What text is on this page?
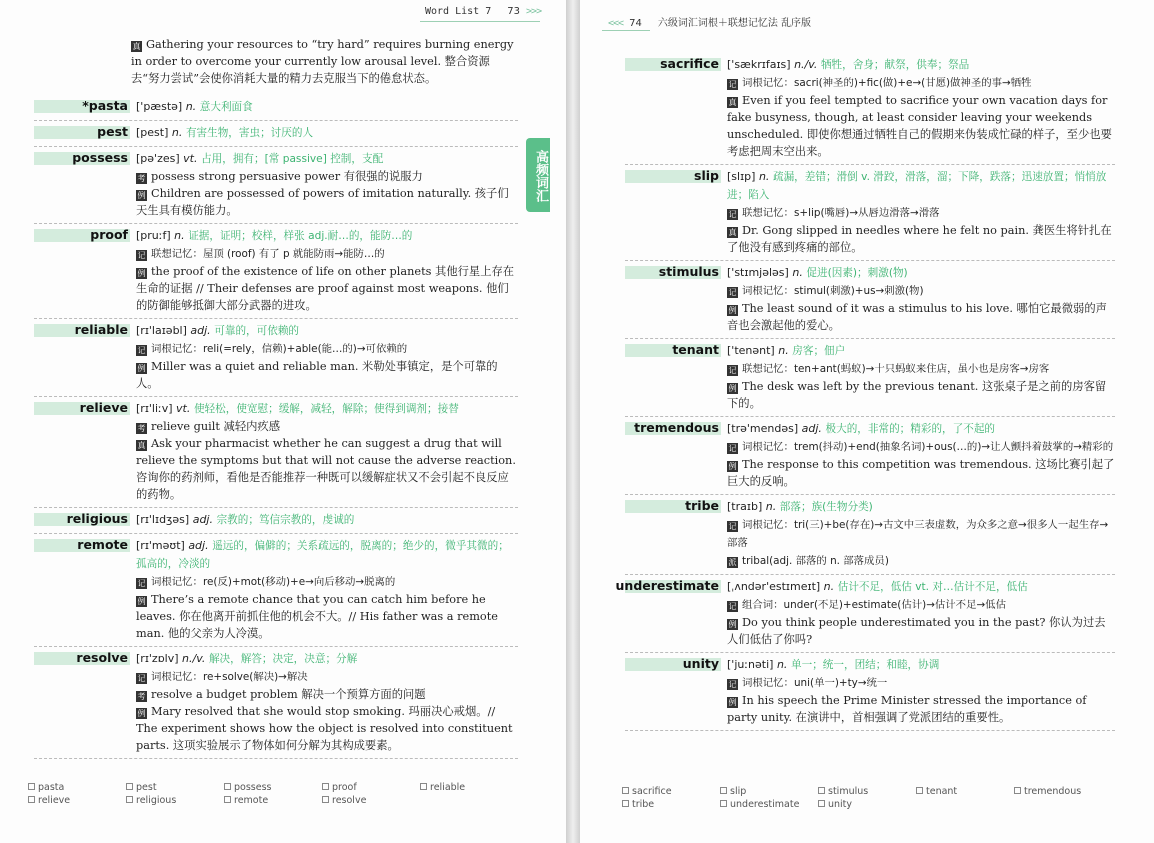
Word List 7 73 >>>
真 Gathering your resources to “try hard” requires burning energy in order to overcome your currently low arousal level. 整合资源去“努力尝试”会使你消耗大量的精力去克服当下的倦怠状态。
*pasta ['pæstə] n. 意大利面食
pest [pest] n. 有害生物，害虫；讨厌的人
possess [pə'zes] vt. 占用，拥有；[常 passive] 控制，支配
考 possess strong persuasive power 有很强的说服力
例 Children are possessed of powers of imitation naturally. 孩子们天生具有模仿能力。
proof [pruːf] n. 证据，证明；校样，样张 adj.耐…的，能防…的
记 联想记忆：屋顶 (roof) 有了 p 就能防雨→能防…的
例 the proof of the existence of life on other planets 其他行星上存在生命的证据 // Their defenses are proof against most weapons. 他们的防御能够抵御大部分武器的进攻。
reliable [rɪ'laɪəbl] adj. 可靠的，可依赖的
记 词根记忆：reli(=rely，信赖)+able(能…的)→可依赖的
例 Miller was a quiet and reliable man. 米勒处事镇定，是个可靠的人。
relieve [rɪ'liːv] vt. 使轻松，使宽慰；缓解，减轻，解除；使得到调剂；接替
考 relieve guilt 减轻内疚感
真 Ask your pharmacist whether he can suggest a drug that will relieve the symptoms but that will not cause the adverse reaction. 咨询你的药剂师，看他是否能推荐一种既可以缓解症状又不会引起不良反应的药物。
religious [rɪ'lɪdʒəs] adj. 宗教的；笃信宗教的，虔诚的
remote [rɪ'məʊt] adj. 遥远的，偏僻的；关系疏远的，脱离的；绝少的，微乎其微的；孤高的，冷淡的
记 词根记忆：re(反)+mot(移动)+e→向后移动→脱离的
例 There’s a remote chance that you can catch him before he leaves. 你在他离开前抓住他的机会不大。// His father was a remote man. 他的父亲为人冷漠。
resolve [rɪ'zɒlv] n./v. 解决，解答；决定，决意；分解
记 词根记忆：re+solve(解决)→解决
考 resolve a budget problem 解决一个预算方面的问题
例 Mary resolved that she would stop smoking. 玛丽决心戒烟。// The experiment shows how the object is resolved into constituent parts. 这项实验展示了物体如何分解为其构成要素。
高频词汇
pasta	pest	possess	proof	reliable
relieve	religious	remote	resolve
<<< 74 六级词汇词根＋联想记忆法 乱序版
sacrifice ['sækrɪfaɪs] n./v. 牺牲，舍身；献祭，供奉；祭品
记 词根记忆：sacri(神圣的)+fic(做)+e→(甘愿)做神圣的事→牺牲
真 Even if you feel tempted to sacrifice your own vacation days for fake busyness, though, at least consider leaving your weekends unscheduled. 即使你想通过牺牲自己的假期来伪装成忙碌的样子，至少也要考虑把周末空出来。
slip [slɪp] n. 疏漏，差错；滑倒 v. 滑跤，滑落，溜；下降，跌落；迅速放置；悄悄放进；陷入
记 联想记忆：s+lip(嘴唇)→从唇边滑落→滑落
真 Dr. Gong slipped in needles where he felt no pain. 龚医生将针扎在了他没有感到疼痛的部位。
stimulus ['stɪmjələs] n. 促进(因素)；刺激(物)
记 词根记忆：stimul(刺激)+us→刺激(物)
例 The least sound of it was a stimulus to his love. 哪怕它最微弱的声音也会激起他的爱心。
tenant ['tenənt] n. 房客；佃户
记 联想记忆：ten+ant(蚂蚁)→十只蚂蚁来住店，虽小也是房客→房客
例 The desk was left by the previous tenant. 这张桌子是之前的房客留下的。
tremendous [trə'mendəs] adj. 极大的，非常的；精彩的，了不起的
记 词根记忆：trem(抖动)+end(抽象名词)+ous(…的)→让人颤抖着鼓掌的→精彩的
例 The response to this competition was tremendous. 这场比赛引起了巨大的反响。
tribe [traɪb] n. 部落；族(生物分类)
记 词根记忆：tri(三)+be(存在)→古文中三表虚数，为众多之意→很多人一起生存→部落
派 tribal(adj. 部落的 n. 部落成员)
underestimate [ˌʌndər'estɪmeɪt] n. 估计不足，低估 vt. 对…估计不足，低估
记 组合词：under(不足)+estimate(估计)→估计不足→低估
例 Do you think people underestimated you in the past? 你认为过去人们低估了你吗?
unity ['juːnəti] n. 单一；统一，团结；和睦，协调
记 词根记忆：uni(单一)+ty→统一
例 In his speech the Prime Minister stressed the importance of party unity. 在演讲中，首相强调了党派团结的重要性。
sacrifice	slip	stimulus	tenant	tremendous
tribe	underestimate	unity
